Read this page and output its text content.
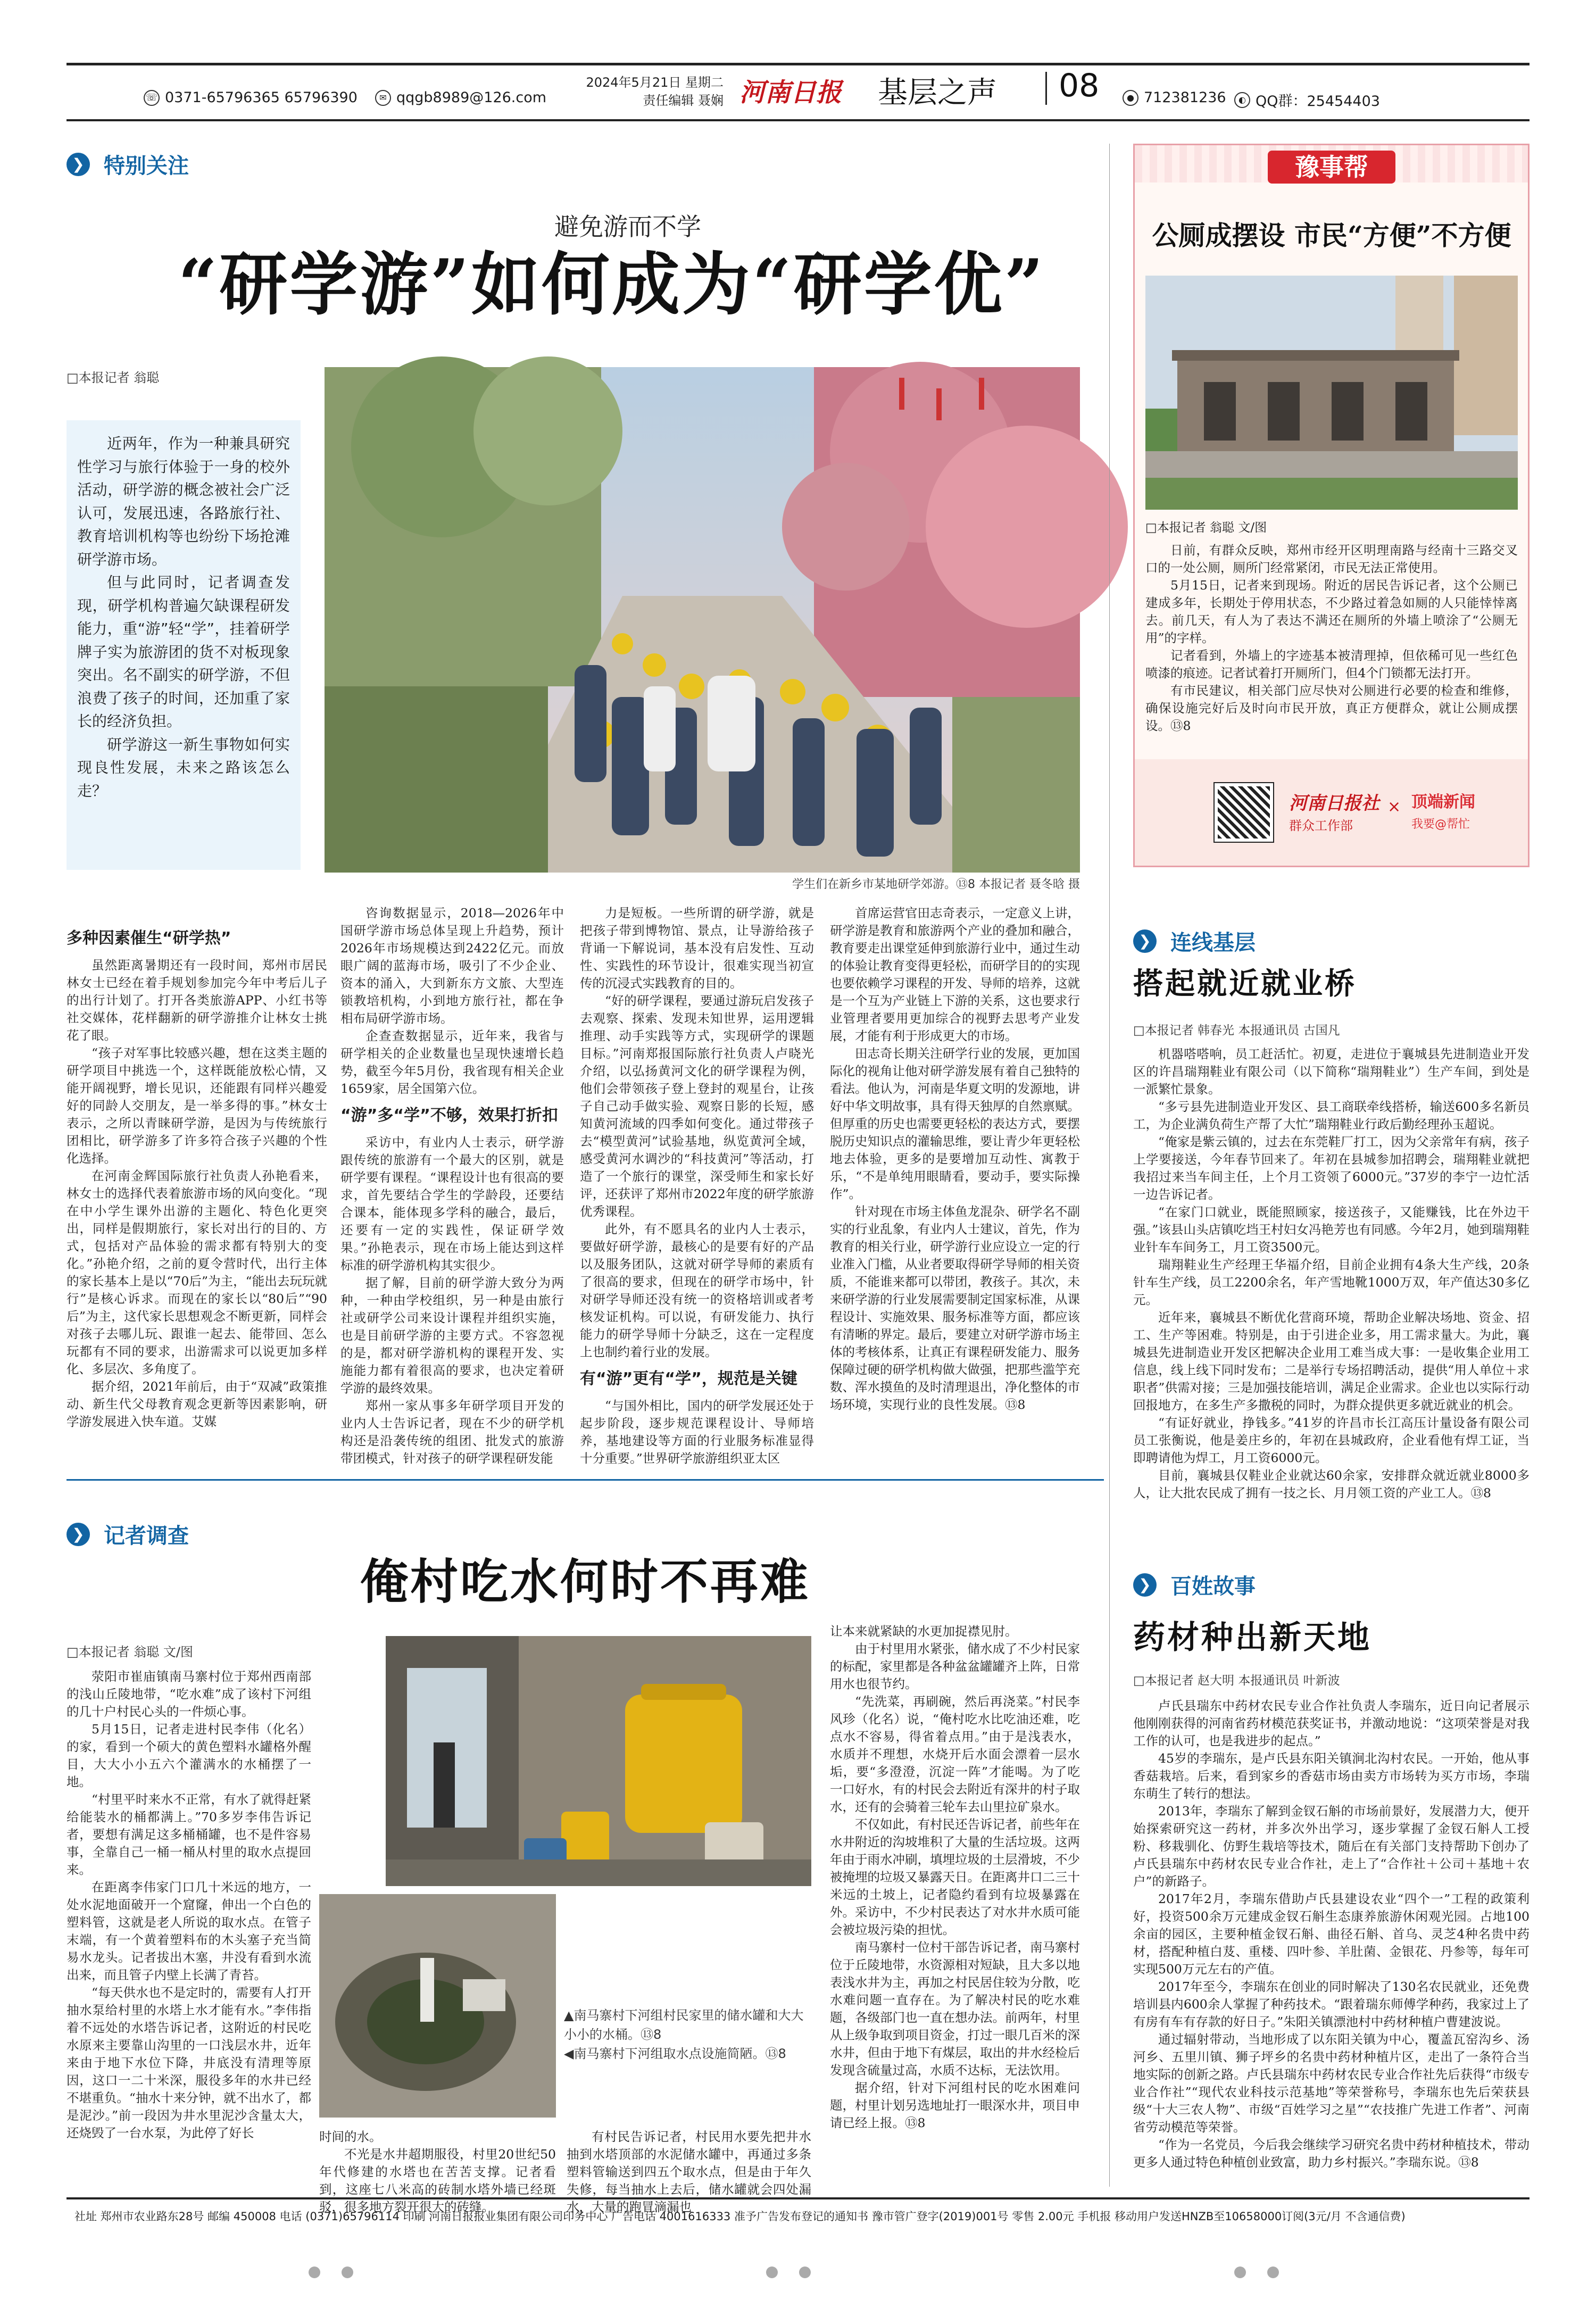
☏ 0371-65796365 65796390	✉ qqgb8989@126.com
2024年5月21日 星期二
责任编辑 聂娴 河南日报 基层之声 08	● 712381236	◐ QQ群：25454403
❯ 特别关注
避免游而不学
“研学游”如何成为“研学优”
□本报记者 翁聪

近两年，作为一种兼具研究性学习与旅行体验于一身的校外活动，研学游的概念被社会广泛认可，发展迅速，各路旅行社、教育培训机构等也纷纷下场抢滩研学游市场。

但与此同时，记者调查发现，研学机构普遍欠缺课程研发能力，重“游”轻“学”，挂着研学牌子实为旅游团的货不对板现象突出。名不副实的研学游，不但浪费了孩子的时间，还加重了家长的经济负担。

研学游这一新生事物如何实现良性发展，未来之路该怎么走？

学生们在新乡市某地研学郊游。⑬8 本报记者 聂冬晗 摄
多种因素催生“研学热”

虽然距离暑期还有一段时间，郑州市居民林女士已经在着手规划参加完今年中考后儿子的出行计划了。打开各类旅游APP、小红书等社交媒体，花样翻新的研学游推介让林女士挑花了眼。

“孩子对军事比较感兴趣，想在这类主题的研学项目中挑选一个，这样既能放松心情，又能开阔视野，增长见识，还能跟有同样兴趣爱好的同龄人交朋友，是一举多得的事。”林女士表示，之所以青睐研学游，是因为与传统旅行团相比，研学游多了许多符合孩子兴趣的个性化选择。

在河南金辉国际旅行社负责人孙艳看来，林女士的选择代表着旅游市场的风向变化。“现在中小学生课外出游的主题化、特色化更突出，同样是假期旅行，家长对出行的目的、方式，包括对产品体验的需求都有特别大的变化。”孙艳介绍，之前的夏令营时代，出行主体的家长基本上是以“70后”为主，“能出去玩玩就行”是核心诉求。而现在的家长以“80后”“90后”为主，这代家长思想观念不断更新，同样会对孩子去哪儿玩、跟谁一起去、能带回、怎么玩都有不同的要求，出游需求可以说更加多样化、多层次、多角度了。

据介绍，2021年前后，由于“双减”政策推动、新生代父母教育观念更新等因素影响，研学游发展进入快车道。艾媒

咨询数据显示，2018—2026年中国研学游市场总体呈现上升趋势，预计2026年市场规模达到2422亿元。而放眼广阔的蓝海市场，吸引了不少企业、资本的涌入，大到新东方文旅、大型连锁教培机构，小到地方旅行社，都在争相布局研学游市场。

企查查数据显示，近年来，我省与研学相关的企业数量也呈现快速增长趋势，截至今年5月份，我省现有相关企业1659家，居全国第六位。

“游”多“学”不够，效果打折扣

采访中，有业内人士表示，研学游跟传统的旅游有一个最大的区别，就是研学要有课程。“课程设计也有很高的要求，首先要结合学生的学龄段，还要结合课本，能体现多学科的融合，最后，还要有一定的实践性，保证研学效果。”孙艳表示，现在市场上能达到这样标准的研学游机构其实很少。

据了解，目前的研学游大致分为两种，一种由学校组织，另一种是由旅行社或研学公司来设计课程并组织实施，也是目前研学游的主要方式。不容忽视的是，都对研学游机构的课程开发、实施能力都有着很高的要求，也决定着研学游的最终效果。

郑州一家从事多年研学项目开发的业内人士告诉记者，现在不少的研学机构还是沿袭传统的组团、批发式的旅游带团模式，针对孩子的研学课程研发能

力是短板。一些所谓的研学游，就是把孩子带到博物馆、景点，让导游给孩子背诵一下解说词，基本没有启发性、互动性、实践性的环节设计，很难实现当初宣传的沉浸式实践教育的目的。

“好的研学课程，要通过游玩启发孩子去观察、探索、发现未知世界，运用逻辑推理、动手实践等方式，实现研学的课题目标。”河南郑报国际旅行社负责人卢晓光介绍，以弘扬黄河文化的研学课程为例，他们会带领孩子登上登封的观星台，让孩子自己动手做实验、观察日影的长短，感知黄河流域的四季如何变化。通过带孩子去“模型黄河”试验基地，纵览黄河全域，感受黄河水调沙的“科技黄河”等活动，打造了一个旅行的课堂，深受师生和家长好评，还获评了郑州市2022年度的研学旅游优秀课程。

此外，有不愿具名的业内人士表示，要做好研学游，最核心的是要有好的产品以及服务团队，这就对研学导师的素质有了很高的要求，但现在的研学市场中，针对研学导师还没有统一的资格培训或者考核发证机构。可以说，有研发能力、执行能力的研学导师十分缺乏，这在一定程度上也制约着行业的发展。

有“游”更有“学”，规范是关键

“与国外相比，国内的研学发展还处于起步阶段，逐步规范课程设计、导师培养，基地建设等方面的行业服务标准显得十分重要。”世界研学旅游组织亚太区

首席运营官田志奇表示，一定意义上讲，研学游是教育和旅游两个产业的叠加和融合，教育要走出课堂延伸到旅游行业中，通过生动的体验让教育变得更轻松，而研学目的的实现也要依赖学习课程的开发、导师的培养，这就是一个互为产业链上下游的关系，这也要求行业管理者要用更加综合的视野去思考产业发展，才能有利于形成更大的市场。

田志奇长期关注研学行业的发展，更加国际化的视角让他对研学游发展有着自己独特的看法。他认为，河南是华夏文明的发源地，讲好中华文明故事，具有得天独厚的自然禀赋。但厚重的历史也需要更轻松的表达方式，要摆脱历史知识点的灌输思维，要让青少年更轻松地去体验，更多的是要增加互动性、寓教于乐，“不是单纯用眼睛看，要动手，要实际操作”。

针对现在市场主体鱼龙混杂、研学名不副实的行业乱象，有业内人士建议，首先，作为教育的相关行业，研学游行业应设立一定的行业准入门槛，从业者要取得研学导师的相关资质，不能谁来都可以带团，教孩子。其次，未来研学游的行业发展需要制定国家标准，从课程设计、实施效果、服务标准等方面，都应该有清晰的界定。最后，要建立对研学游市场主体的考核体系，让真正有课程研发能力、服务保障过硬的研学机构做大做强，把那些滥竽充数、浑水摸鱼的及时清理退出，净化整体的市场环境，实现行业的良性发展。⑬8

豫事帮
公厕成摆设 市民“方便”不方便
□本报记者 翁聪 文/图

日前，有群众反映，郑州市经开区明理南路与经南十三路交叉口的一处公厕，厕所门经常紧闭，市民无法正常使用。

5月15日，记者来到现场。附近的居民告诉记者，这个公厕已建成多年，长期处于停用状态，不少路过着急如厕的人只能悻悻离去。前几天，有人为了表达不满还在厕所的外墙上喷涂了“公厕无用”的字样。

记者看到，外墙上的字迹基本被清理掉，但依稀可见一些红色喷漆的痕迹。记者试着打开厕所门，但4个门锁都无法打开。

有市民建议，相关部门应尽快对公厕进行必要的检查和维修，确保设施完好后及时向市民开放，真正方便群众，就让公厕成摆设。⑬8

河南日报社
群众工作部
× 顶端新闻
我要@帮忙
❯ 连线基层
搭起就近就业桥
□本报记者 韩春光 本报通讯员 古国凡

机器嗒嗒响，员工赶活忙。初夏，走进位于襄城县先进制造业开发区的许昌瑞翔鞋业有限公司（以下简称“瑞翔鞋业”）生产车间，到处是一派繁忙景象。

“多亏县先进制造业开发区、县工商联牵线搭桥，输送600多名新员工，为企业满负荷生产帮了大忙”瑞翔鞋业行政后勤经理孙玉超说。

“俺家是紫云镇的，过去在东莞鞋厂打工，因为父亲常年有病，孩子上学要接送，今年春节回来了。年初在县城参加招聘会，瑞翔鞋业就把我招过来当车间主任，上个月工资领了6000元。”37岁的李宁一边忙活一边告诉记者。

“在家门口就业，既能照顾家，接送孩子，又能赚钱，比在外边干强。”该县山头店镇吃垱王村妇女冯艳芳也有同感。今年2月，她到瑞翔鞋业针车车间务工，月工资3500元。

瑞翔鞋业生产经理王华福介绍，目前企业拥有4条大生产线，20条针车生产线，员工2200余名，年产雪地靴1000万双，年产值达30多亿元。

近年来，襄城县不断优化营商环境，帮助企业解决场地、资金、招工、生产等困难。特别是，由于引进企业多，用工需求量大。为此，襄城县先进制造业开发区把解决企业用工难当成大事：一是收集企业用工信息，线上线下同时发布；二是举行专场招聘活动，提供“用人单位＋求职者”供需对接；三是加强技能培训，满足企业需求。企业也以实际行动回报地方，在多生产多撒税的同时，为群众提供更多就近就业的机会。

“有证好就业，挣钱多。”41岁的许昌市长江高压计量设备有限公司员工张衡说，他是姜庄乡的，年初在县城政府，企业看他有焊工证，当即聘请他为焊工，月工资6000元。

目前，襄城县仅鞋业企业就达60余家，安排群众就近就业8000多人，让大批农民成了拥有一技之长、月月领工资的产业工人。⑬8

❯ 百姓故事
药材种出新天地
□本报记者 赵大明 本报通讯员 叶新波

卢氏县瑞东中药材农民专业合作社负责人李瑞东，近日向记者展示他刚刚获得的河南省药材模范获奖证书，并激动地说：“这项荣誉是对我工作的认可，也是我进步的起点。”

45岁的李瑞东，是卢氏县东阳关镇涧北沟村农民。一开始，他从事香菇栽培。后来，看到家乡的香菇市场由卖方市场转为买方市场，李瑞东萌生了转行的想法。

2013年，李瑞东了解到金钗石斛的市场前景好，发展潜力大，便开始探索研究这一药材，并多次外出学习，逐步掌握了金钗石斛人工授粉、移栽驯化、仿野生栽培等技术，随后在有关部门支持帮助下创办了卢氏县瑞东中药材农民专业合作社，走上了“合作社＋公司＋基地＋农户”的新路子。

2017年2月，李瑞东借助卢氏县建设农业“四个一”工程的政策利好，投资500余万元建成金钗石斛生态康养旅游休闲观光园。占地100余亩的园区，主要种植金钗石斛、曲径石斛、首乌、灵芝4种名贵中药材，搭配种植白芨、重楼、四叶参、羊肚菌、金银花、丹参等，每年可实现500万元左右的产值。

2017年至今，李瑞东在创业的同时解决了130名农民就业，还免费培训县内600余人掌握了种药技术。“跟着瑞东师傅学种药，我家过上了有房有车有存款的好日子。”朱阳关镇漂池村中药材种植户曹建波说。

通过辐射带动，当地形成了以东阳关镇为中心，覆盖瓦窑沟乡、汤河乡、五里川镇、狮子坪乡的名贵中药材种植片区，走出了一条符合当地实际的创新之路。卢氏县瑞东中药材农民专业合作社先后获得“市级专业合作社”“现代农业科技示范基地”等荣誉称号，李瑞东也先后荣获县级“十大三农人物”、市级“百姓学习之星”“农技推广先进工作者”、河南省劳动模范等荣誉。

“作为一名党员，今后我会继续学习研究名贵中药材种植技术，带动更多人通过特色种植创业致富，助力乡村振兴。”李瑞东说。⑬8

❯ 记者调查
俺村吃水何时不再难
□本报记者 翁聪 文/图

荥阳市崔庙镇南马寨村位于郑州西南部的浅山丘陵地带，“吃水难”成了该村下河组的几十户村民心头的一件烦心事。

5月15日，记者走进村民李伟（化名）的家，看到一个硕大的黄色塑料水罐格外醒目，大大小小五六个灌满水的水桶摆了一地。

“村里平时来水不正常，有水了就得赶紧给能装水的桶都满上。”70多岁李伟告诉记者，要想有满足这多桶桶罐，也不是件容易事，全靠自己一桶一桶从村里的取水点提回来。

在距离李伟家门口几十米远的地方，一处水泥地面破开一个窟窿，伸出一个白色的塑料管，这就是老人所说的取水点。在管子末端，有一个黄着塑料布的木头塞子充当简易水龙头。记者拔出木塞，井没有看到水流出来，而且管子内壁上长满了青苔。

“每天供水也不是定时的，需要有人打开抽水泵给村里的水塔上水才能有水。”李伟指着不远处的水塔告诉记者，这附近的村民吃水原来主要靠山沟里的一口浅层水井，近年来由于地下水位下降，井底没有清理等原因，这口一二十米深，服役多年的水井已经不堪重负。“抽水十来分钟，就不出水了，都是泥沙。”前一段因为井水里泥沙含量太大，还烧毁了一台水泵，为此停了好长

▲南马寨村下河组村民家里的储水罐和大大小小的水桶。⑬8
◀南马寨村下河组取水点设施简陋。⑬8

时间的水。

不光是水井超期服役，村里20世纪50年代修建的水塔也在苦苦支撑。记者看到，这座七八米高的砖制水塔外墙已经斑驳，很多地方裂开很大的砖缝。

有村民告诉记者，村民用水要先把井水抽到水塔顶部的水泥储水罐中，再通过多条塑料管输送到四五个取水点，但是由于年久失修，每当抽水上去后，储水罐就会四处漏水，大量的跑冒滴漏也

让本来就紧缺的水更加捉襟见肘。

由于村里用水紧张，储水成了不少村民家的标配，家里都是各种盆盆罐罐齐上阵，日常用水也很节约。

“先洗菜，再刷碗，然后再浇菜。”村民李风珍（化名）说，“俺村吃水比吃油还难，吃点水不容易，得省着点用。”由于是浅表水，水质并不理想，水烧开后水面会漂着一层水垢，要“多澄澄，沉淀一阵”才能喝。为了吃一口好水，有的村民会去附近有深井的村子取水，还有的会骑着三轮车去山里拉矿泉水。

不仅如此，有村民还告诉记者，前些年在水井附近的沟坡堆积了大量的生活垃圾。这两年由于雨水冲刷，填埋垃圾的土层滑坡，不少被掩埋的垃圾又暴露天日。在距离井口二三十米远的土坡上，记者隐约看到有垃圾暴露在外。采访中，不少村民表达了对水井水质可能会被垃圾污染的担忧。

南马寨村一位村干部告诉记者，南马寨村位于丘陵地带，水资源相对短缺，且大多以地表浅水井为主，再加之村民居住较为分散，吃水难问题一直存在。为了解决村民的吃水难题，各级部门也一直在想办法。前两年，村里从上级争取到项目资金，打过一眼几百米的深水井，但由于地下有煤层，取出的井水经检后发现含硫量过高，水质不达标，无法饮用。

据介绍，针对下河组村民的吃水困难问题，村里计划另选地址打一眼深水井，项目申请已经上报。⑬8

社址 郑州市农业路东28号 邮编 450008 电话 (0371)65796114 印刷 河南日报报业集团有限公司印务中心 广告电话 4001616333 准予广告发布登记的通知书 豫市管广登字(2019)001号 零售 2.00元 手机报 移动用户发送HNZB至10658000订阅(3元/月 不含通信费)
